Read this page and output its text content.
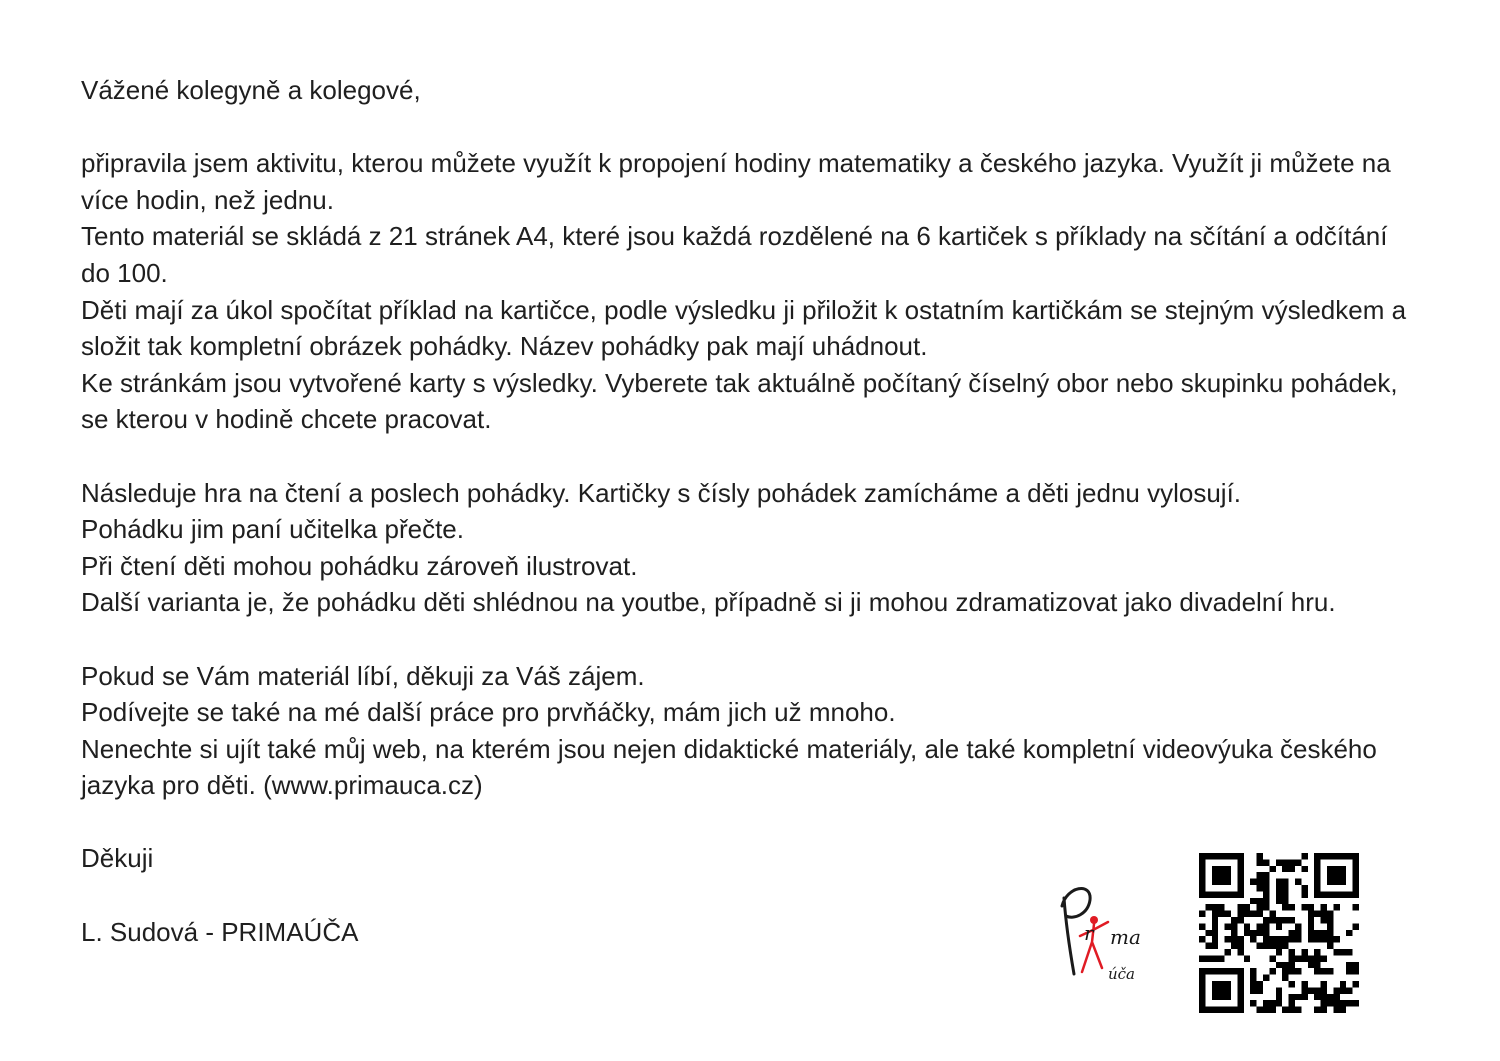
Vážené kolegyně a kolegové,

připravila jsem aktivitu, kterou můžete využít k propojení hodiny matematiky a českého jazyka. Využít ji můžete na více hodin, než jednu.

Tento materiál se skládá z 21 stránek A4, které jsou každá rozdělené na 6 kartiček s příklady na sčítání a odčítání do 100.

Děti mají za úkol spočítat příklad na kartičce, podle výsledku ji přiložit k ostatním kartičkám se stejným výsledkem a složit tak kompletní obrázek pohádky. Název pohádky pak mají uhádnout.

Ke stránkám jsou vytvořené karty s výsledky. Vyberete tak aktuálně počítaný číselný obor nebo skupinku pohádek, se kterou v hodině chcete pracovat.

Následuje hra na čtení a poslech pohádky. Kartičky s čísly pohádek zamícháme a děti jednu vylosují.

Pohádku jim paní učitelka přečte.

Při čtení děti mohou pohádku zároveň ilustrovat.

Další varianta je, že pohádku děti shlédnou na youtbe, případně si ji mohou zdramatizovat jako divadelní hru.

Pokud se Vám materiál líbí, děkuji za Váš zájem.

Podívejte se také na mé další práce pro prvňáčky, mám jich už mnoho.

Nenechte si ujít také můj web, na kterém jsou nejen didaktické materiály, ale také kompletní videovýuka českého jazyka pro děti. (www.primauca.cz)

Děkuji

L. Sudová - PRIMAÚČA	r ma
úča
